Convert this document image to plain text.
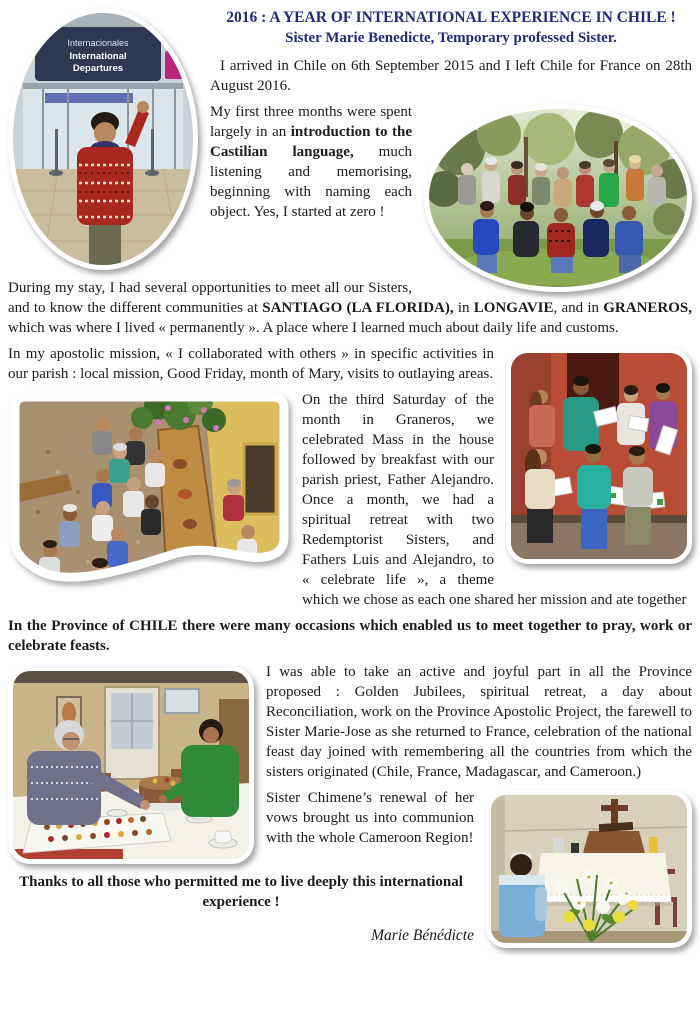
Internacionales
International
Departures
2016 : A YEAR OF INTERNATIONAL EXPERIENCE IN CHILE !
Sister Marie Benedicte, Temporary professed Sister.

I arrived in Chile on 6th September 2015 and I left Chile for France on 28th August 2016.

My first three months were spent largely in an introduction to the Castilian language, much listening and memorising, beginning with naming each object. Yes, I started at zero !

During my stay, I had several opportunities to meet all our Sisters, and to know the different communities at SANTIAGO (LA FLORIDA), in LONGAVIE, and in GRANEROS, which was where I lived « permanently ». A place where I learned much about daily life and customs.

In my apostolic mission, « I collaborated with others » in specific activities in our parish : local mission, Good Friday, month of Mary, visits to outlaying areas.

On the third Saturday of the month in Graneros, we celebrated Mass in the house followed by breakfast with our parish priest, Father Alejandro. Once a month, we had a spiritual retreat with two Redemptorist Sisters, and Fathers Luis and Alejandro, to « celebrate life », a theme which we chose as each one shared her mission and ate together

In the Province of CHILE there were many occasions which enabled us to meet together to pray, work or celebrate feasts.

I was able to take an active and joyful part in all the Province proposed : Golden Jubilees, spiritual retreat, a day about Reconciliation, work on the Province Apostolic Project, the farewell to Sister Marie-Jose as she returned to France, celebration of the national feast day joined with remembering all the countries from which the sisters originated (Chile, France, Madagascar, and Cameroon.)

Sister Chimene’s renewal of her vows brought us into communion with the whole Cameroon Region!

Thanks to all those who permitted me to live deeply this international experience !

Marie Bénédicte
